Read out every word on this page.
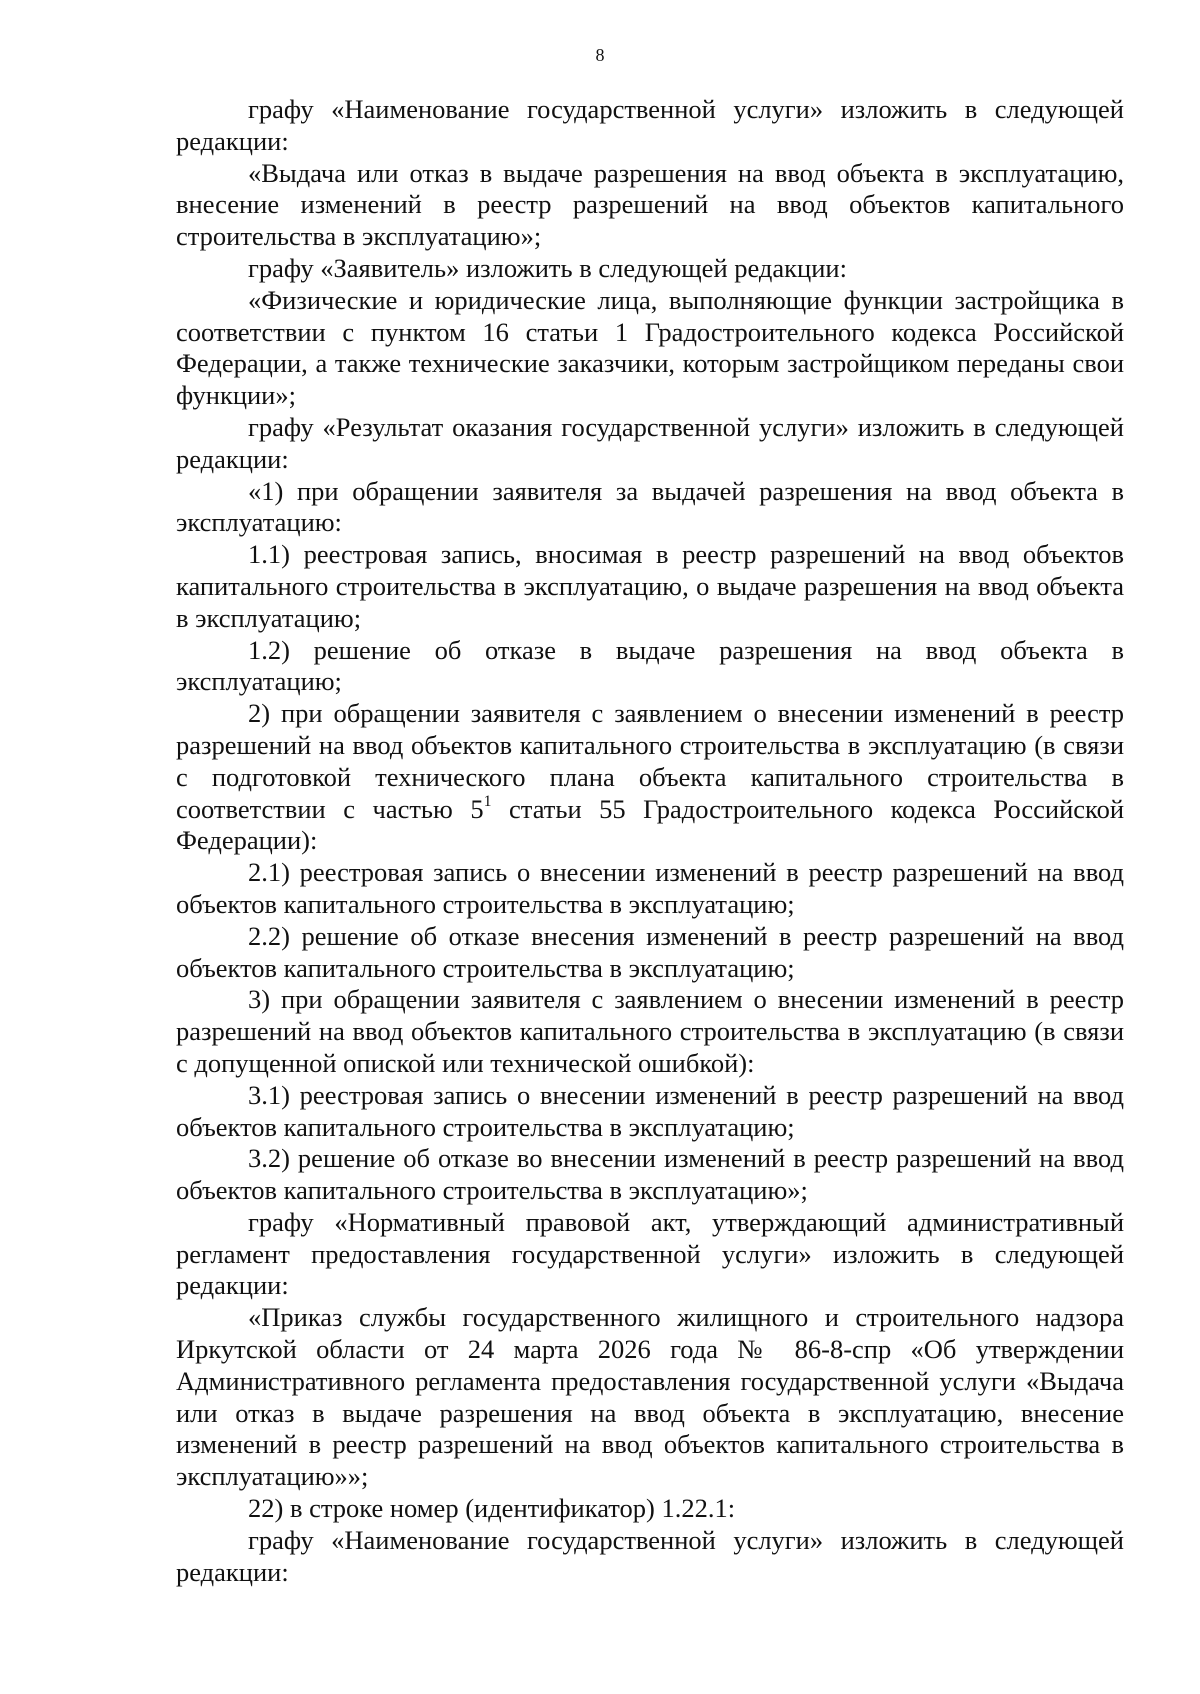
8

графу «Наименование государственной услуги» изложить в следующей редакции:

«Выдача или отказ в выдаче разрешения на ввод объекта в эксплуатацию, внесение изменений в реестр разрешений на ввод объектов капитального строительства в эксплуатацию»;

графу «Заявитель» изложить в следующей редакции:

«Физические и юридические лица, выполняющие функции застройщика в соответствии с пунктом 16 статьи 1 Градостроительного кодекса Российской Федерации, а также технические заказчики, которым застройщиком переданы свои функции»;

графу «Результат оказания государственной услуги» изложить в следующей редакции:

«1) при обращении заявителя за выдачей разрешения на ввод объекта в эксплуатацию:

1.1) реестровая запись, вносимая в реестр разрешений на ввод объектов капитального строительства в эксплуатацию, о выдаче разрешения на ввод объекта в эксплуатацию;

1.2) решение об отказе в выдаче разрешения на ввод объекта в эксплуатацию;

2) при обращении заявителя с заявлением о внесении изменений в реестр разрешений на ввод объектов капитального строительства в эксплуатацию (в связи с подготовкой технического плана объекта капитального строительства в соответствии с частью $5^1$ статьи 55 Градостроительного кодекса Российской Федерации):

2.1) реестровая запись о внесении изменений в реестр разрешений на ввод объектов капитального строительства в эксплуатацию;

2.2) решение об отказе внесения изменений в реестр разрешений на ввод объектов капитального строительства в эксплуатацию;

3) при обращении заявителя с заявлением о внесении изменений в реестр разрешений на ввод объектов капитального строительства в эксплуатацию (в связи с допущенной опиской или технической ошибкой):

3.1) реестровая запись о внесении изменений в реестр разрешений на ввод объектов капитального строительства в эксплуатацию;

3.2) решение об отказе во внесении изменений в реестр разрешений на ввод объектов капитального строительства в эксплуатацию»;

графу «Нормативный правовой акт, утверждающий административный регламент предоставления государственной услуги» изложить в следующей редакции:

«Приказ службы государственного жилищного и строительного надзора Иркутской области от 24 марта 2026 года № 86-8-спр «Об утверждении Административного регламента предоставления государственной услуги «Выдача или отказ в выдаче разрешения на ввод объекта в эксплуатацию, внесение изменений в реестр разрешений на ввод объектов капитального строительства в эксплуатацию»»;

22) в строке номер (идентификатор) 1.22.1:

графу «Наименование государственной услуги» изложить в следующей редакции:
